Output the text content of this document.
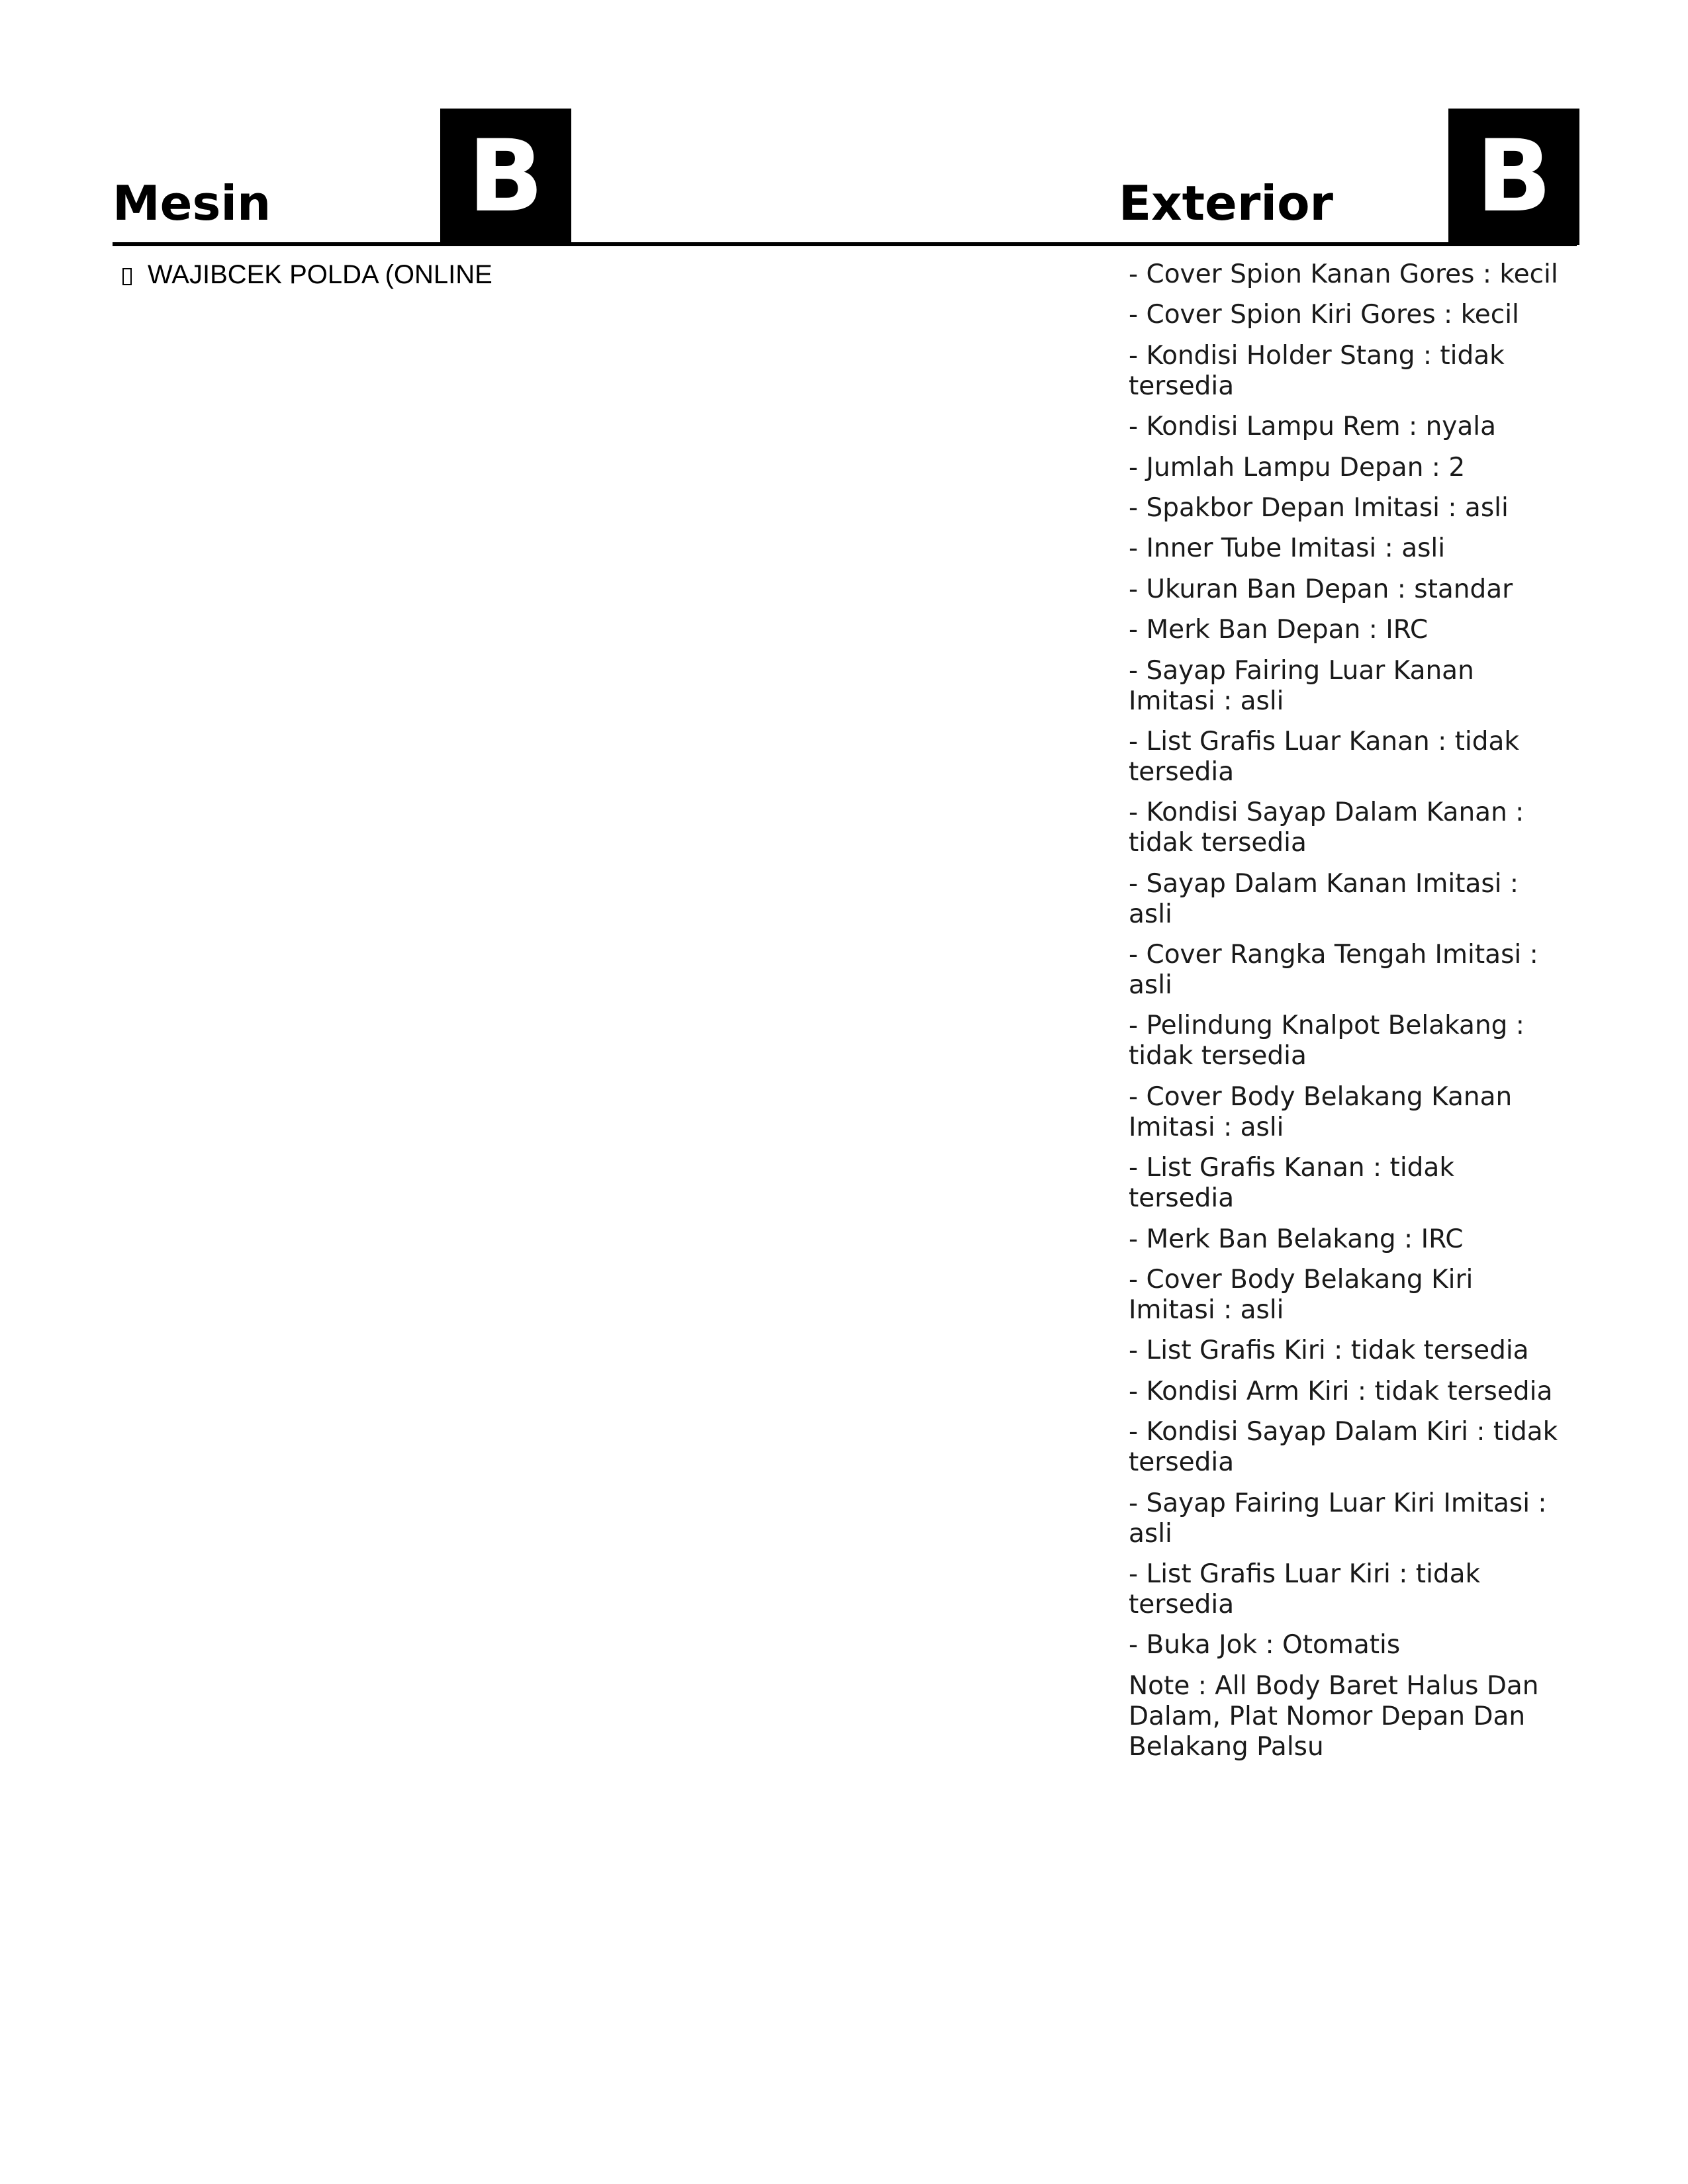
Mesin B	Exterior B
WAJIBCEK POLDA (ONLINE	- Cover Spion Kanan Gores : kecil
- Cover Spion Kiri Gores : kecil
- Kondisi Holder Stang : tidak tersedia
- Kondisi Lampu Rem : nyala
- Jumlah Lampu Depan : 2
- Spakbor Depan Imitasi : asli
- Inner Tube Imitasi : asli
- Ukuran Ban Depan : standar
- Merk Ban Depan : IRC
- Sayap Fairing Luar Kanan Imitasi : asli
- List Grafis Luar Kanan : tidak tersedia
- Kondisi Sayap Dalam Kanan : tidak tersedia
- Sayap Dalam Kanan Imitasi : asli
- Cover Rangka Tengah Imitasi : asli
- Pelindung Knalpot Belakang : tidak tersedia
- Cover Body Belakang Kanan Imitasi : asli
- List Grafis Kanan : tidak tersedia
- Merk Ban Belakang : IRC
- Cover Body Belakang Kiri Imitasi : asli
- List Grafis Kiri : tidak tersedia
- Kondisi Arm Kiri : tidak tersedia
- Kondisi Sayap Dalam Kiri : tidak tersedia
- Sayap Fairing Luar Kiri Imitasi : asli
- List Grafis Luar Kiri : tidak tersedia
- Buka Jok : Otomatis

Note : All Body Baret Halus Dan Dalam, Plat Nomor Depan Dan Belakang Palsu
